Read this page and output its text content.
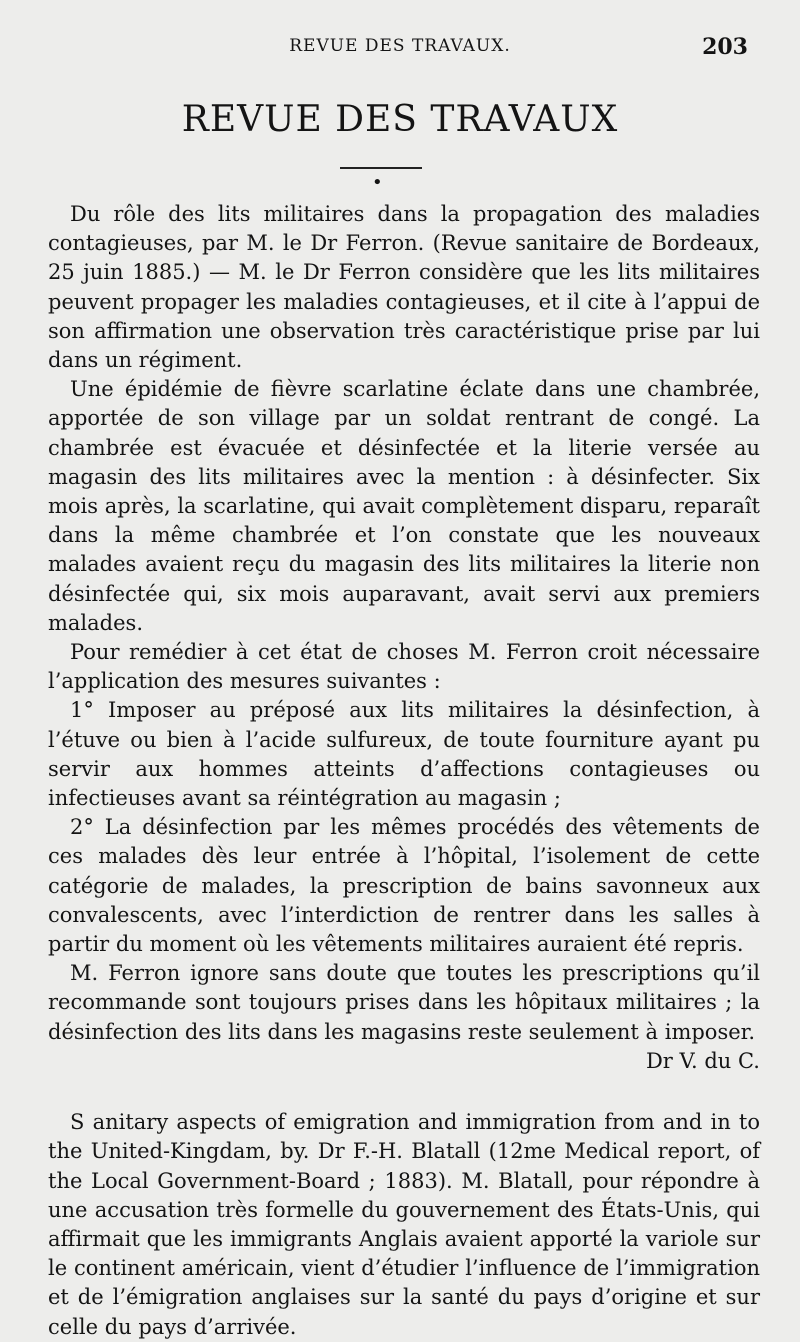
REVUE DES TRAVAUX.	203
REVUE DES TRAVAUX
•

Du rôle des lits militaires dans la propagation des maladies contagieuses, par M. le Dr Ferron. (Revue sanitaire de Bordeaux, 25 juin 1885.) — M. le Dr Ferron considère que les lits militaires peuvent propager les maladies contagieuses, et il cite à l’appui de son affirmation une observation très caractéristique prise par lui dans un régiment.

Une épidémie de fièvre scarlatine éclate dans une chambrée, apportée de son village par un soldat rentrant de congé. La chambrée est évacuée et désinfectée et la literie versée au magasin des lits militaires avec la mention : à désinfecter. Six mois après, la scarlatine, qui avait complètement disparu, reparaît dans la même chambrée et l’on constate que les nouveaux malades avaient reçu du magasin des lits militaires la literie non désinfectée qui, six mois auparavant, avait servi aux premiers malades.

Pour remédier à cet état de choses M. Ferron croit nécessaire l’application des mesures suivantes :

1° Imposer au préposé aux lits militaires la désinfection, à l’étuve ou bien à l’acide sulfureux, de toute fourniture ayant pu servir aux hommes atteints d’affections contagieuses ou infectieuses avant sa réintégration au magasin ;

2° La désinfection par les mêmes procédés des vêtements de ces malades dès leur entrée à l’hôpital, l’isolement de cette catégorie de malades, la prescription de bains savonneux aux convalescents, avec l’interdiction de rentrer dans les salles à partir du moment où les vêtements militaires auraient été repris.

M. Ferron ignore sans doute que toutes les prescriptions qu’il recommande sont toujours prises dans les hôpitaux militaires ; la désinfection des lits dans les magasins reste seulement à imposer.

Dr V. du C.

S anitary aspects of emigration and immigration from and in to the United-Kingdam, by. Dr F.-H. Blatall (12me Medical report, of the Local Government-Board ; 1883). M. Blatall, pour répondre à une accusation très formelle du gouvernement des États-Unis, qui affirmait que les immigrants Anglais avaient apporté la variole sur le continent américain, vient d’étudier l’influence de l’immigration et de l’émigration anglaises sur la santé du pays d’origine et sur celle du pays d’arrivée.
